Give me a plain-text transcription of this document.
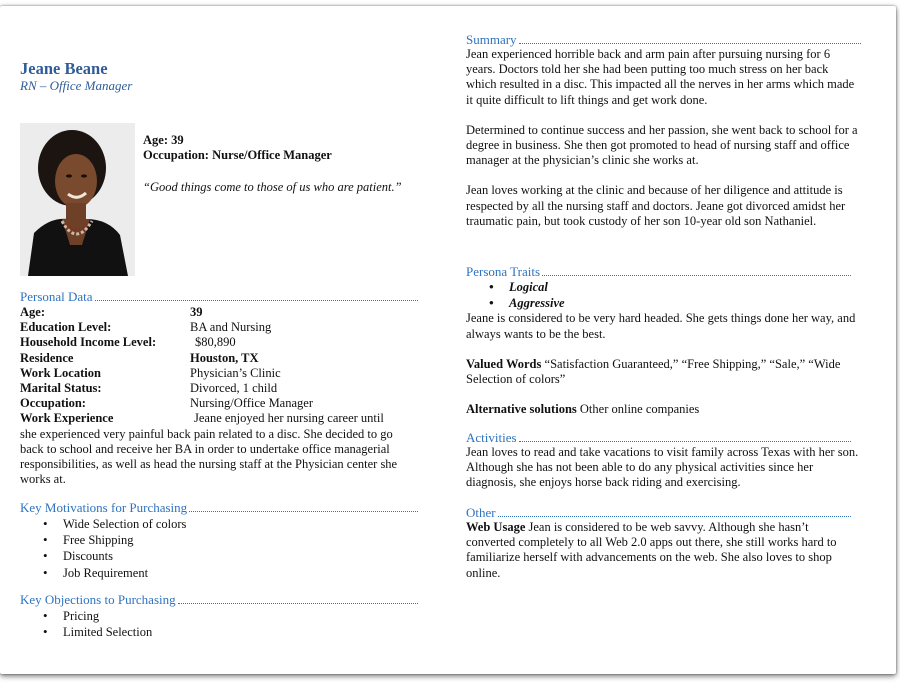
Jeane Beane
RN – Office Manager
Age: 39
Occupation: Nurse/Office Manager
“Good things come to those of us who are patient.”
Personal Data
Age:	39
Education Level:	BA and Nursing
Household Income Level:	$80,890
Residence	Houston, TX
Work Location	Physician’s Clinic
Marital Status:	Divorced, 1 child
Occupation:	Nursing/Office Manager
Work Experience	Jeane enjoyed her nursing career until
she experienced very painful back pain related to a disc. She decided to go back to school and receive her BA in order to undertake office managerial responsibilities, as well as head the nursing staff at the Physician center she works at.
Key Motivations for Purchasing
• Wide Selection of colors
• Free Shipping
• Discounts
• Job Requirement
Key Objections to Purchasing
• Pricing
• Limited Selection
Summary
Jean experienced horrible back and arm pain after pursuing nursing for 6 years. Doctors told her she had been putting too much stress on her back which resulted in a disc. This impacted all the nerves in her arms which made it quite difficult to lift things and get work done.
Determined to continue success and her passion, she went back to school for a degree in business. She then got promoted to head of nursing staff and office manager at the physician’s clinic she works at.
Jean loves working at the clinic and because of her diligence and attitude is respected by all the nursing staff and doctors. Jeane got divorced amidst her traumatic pain, but took custody of her son 10-year old son Nathaniel.
Persona Traits
• Logical
• Aggressive
Jeane is considered to be very hard headed. She gets things done her way, and always wants to be the best.
Valued Words “Satisfaction Guaranteed,” “Free Shipping,” “Sale,” “Wide Selection of colors”
Alternative solutions Other online companies
Activities
Jean loves to read and take vacations to visit family across Texas with her son. Although she has not been able to do any physical activities since her diagnosis, she enjoys horse back riding and exercising.
Other
Web Usage Jean is considered to be web savvy. Although she hasn’t converted completely to all Web 2.0 apps out there, she still works hard to familiarize herself with advancements on the web. She also loves to shop online.
